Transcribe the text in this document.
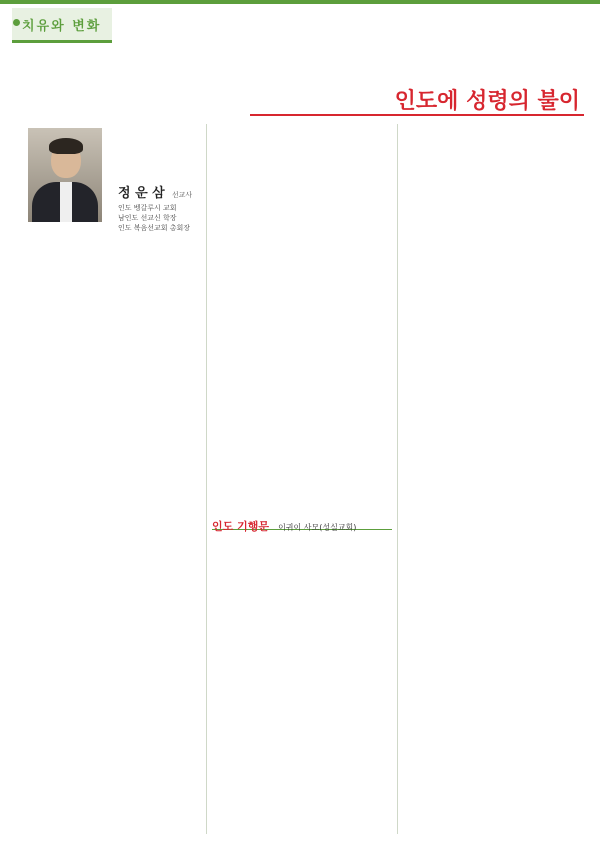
치유와 변화
인도에 성령의 불이
정 운 삼 선교사
인도 벵갈루시 교회
남인도 선교신 학장
인도 복음선교회 총회장

인도 기행문 이귀이 사모(성실교회)
